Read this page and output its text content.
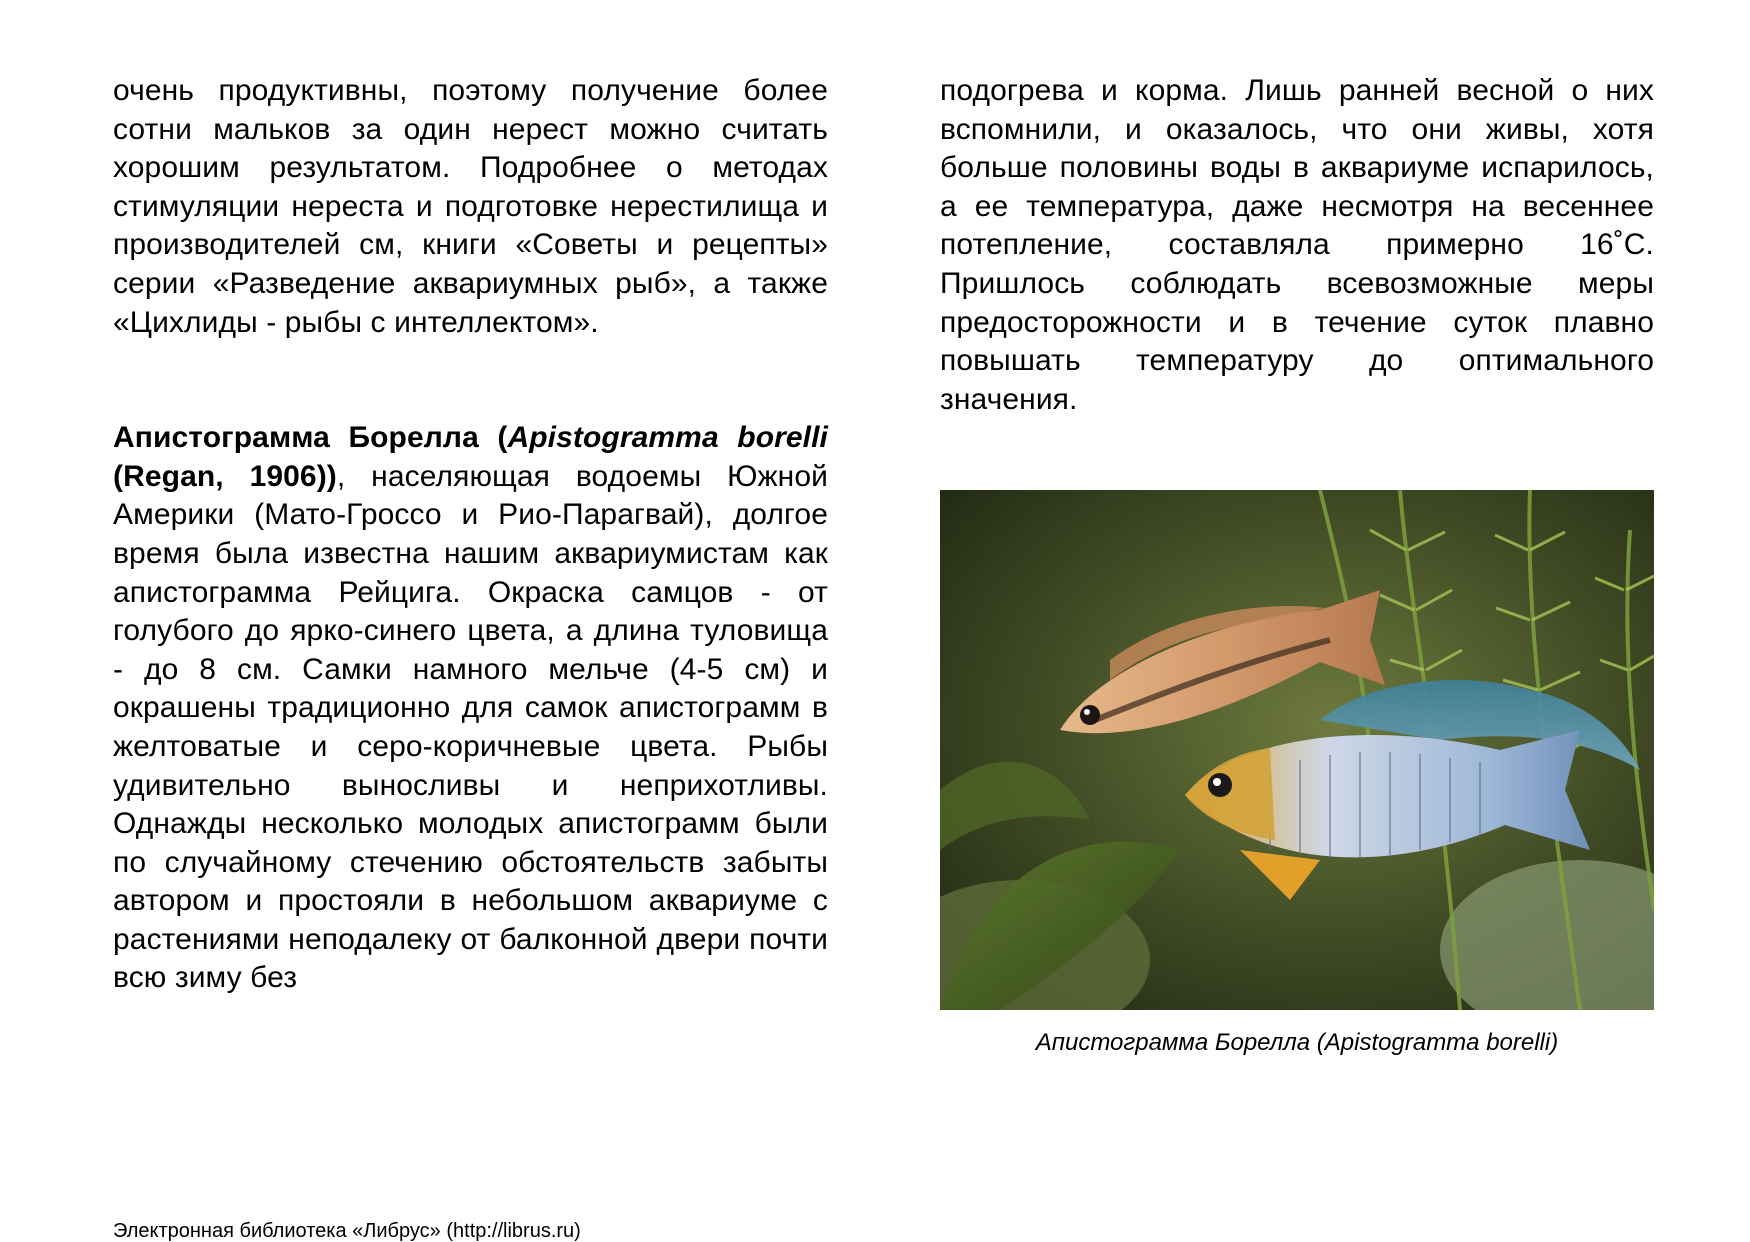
очень продуктивны, поэтому получение более сотни мальков за один нерест можно считать хорошим результатом. Подробнее о методах стимуляции нереста и подготовке нерестилища и производителей см, книги «Советы и рецепты» серии «Разведение аквариумных рыб», а также «Цихлиды - рыбы с интеллектом».

Апистограмма Борелла (Apistogramma borelli (Regan, 1906)), населяющая водоемы Южной Америки (Мато-Гроссо и Рио-Парагвай), долгое время была известна нашим аквариумистам как апистограмма Рейцига. Окраска самцов - от голубого до ярко-синего цвета, а длина туловища - до 8 см. Самки намного мельче (4-5 см) и окрашены традиционно для самок апистограмм в желтоватые и серо-коричневые цвета. Рыбы удивительно выносливы и неприхотливы. Однажды несколько молодых апистограмм были по случайному стечению обстоятельств забыты автором и простояли в небольшом аквариуме с растениями неподалеку от балконной двери почти всю зиму без

подогрева и корма. Лишь ранней весной о них вспомнили, и оказалось, что они живы, хотя больше половины воды в аквариуме испарилось, а ее температура, даже несмотря на весеннее потепление, составляла примерно 16˚С. Пришлось соблюдать всевозможные меры предосторожности и в течение суток плавно повышать температуру до оптимального значения.

Апистограмма Борелла (Apistogramma borelli)
Электронная библиотека «Либрус» (http://librus.ru)
